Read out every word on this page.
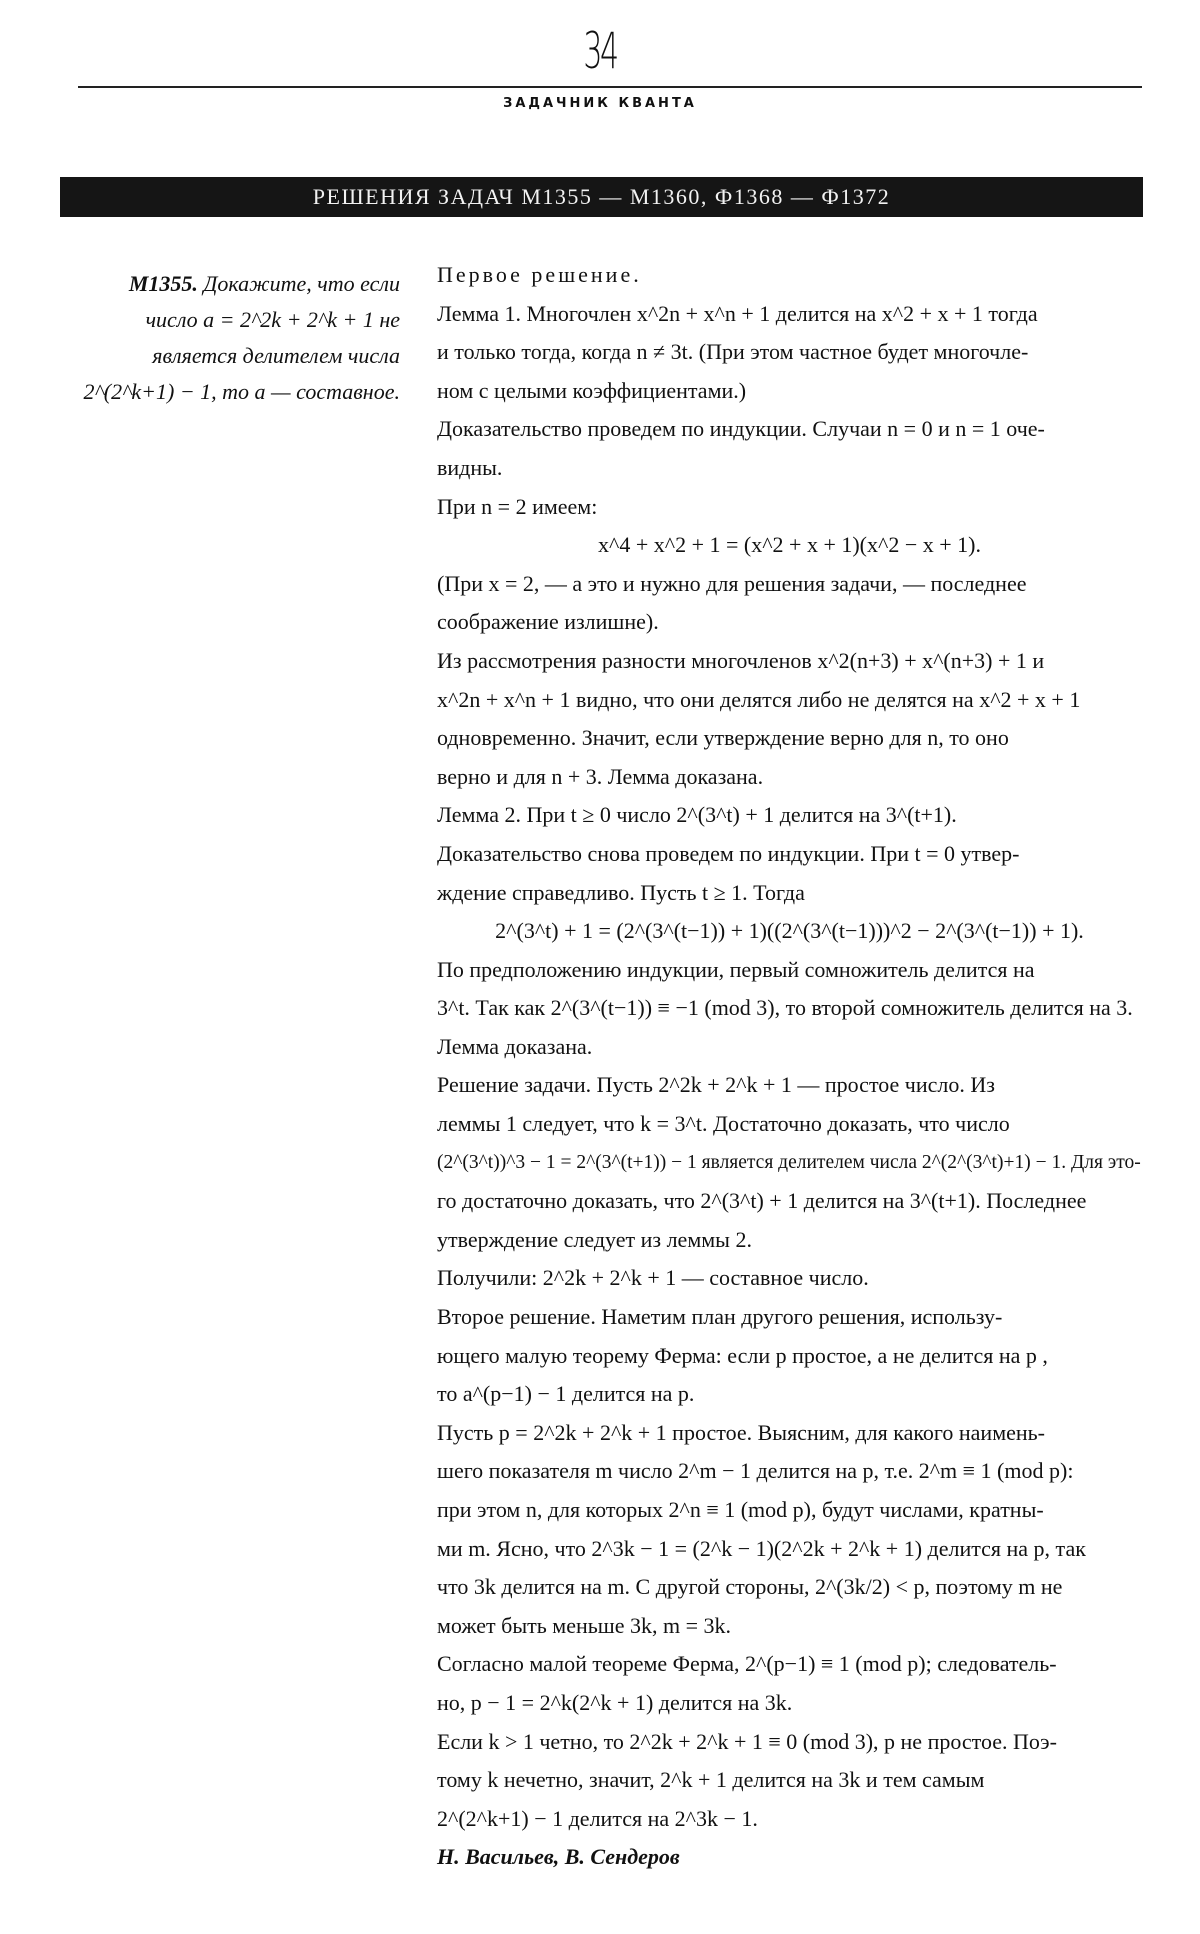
34
ЗАДАЧНИК КВАНТА
РЕШЕНИЯ ЗАДАЧ М1355 — М1360, Ф1368 — Ф1372
М1355. Докажите, что если
число a = 2^2k + 2^k + 1 не
является делителем числа
2^(2^k+1) − 1, то a — составное.
Первое решение.
Лемма 1. Многочлен x^2n + x^n + 1 делится на x^2 + x + 1 тогда
и только тогда, когда n ≠ 3t. (При этом частное будет многочле-
ном с целыми коэффициентами.)
Доказательство проведем по индукции. Случаи n = 0 и n = 1 оче-
видны.
При n = 2 имеем:
x^4 + x^2 + 1 = (x^2 + x + 1)(x^2 − x + 1).
(При x = 2, — а это и нужно для решения задачи, — последнее
соображение излишне).
Из рассмотрения разности многочленов x^2(n+3) + x^(n+3) + 1 и
x^2n + x^n + 1 видно, что они делятся либо не делятся на x^2 + x + 1
одновременно. Значит, если утверждение верно для n, то оно
верно и для n + 3. Лемма доказана.
Лемма 2. При t ≥ 0 число 2^(3^t) + 1 делится на 3^(t+1).
Доказательство снова проведем по индукции. При t = 0 утвер-
ждение справедливо. Пусть t ≥ 1. Тогда
2^(3^t) + 1 = (2^(3^(t−1)) + 1)((2^(3^(t−1)))^2 − 2^(3^(t−1)) + 1).
По предположению индукции, первый сомножитель делится на
3^t. Так как 2^(3^(t−1)) ≡ −1 (mod 3), то второй сомножитель делится на 3.
Лемма доказана.
Решение задачи. Пусть 2^2k + 2^k + 1 — простое число. Из
леммы 1 следует, что k = 3^t. Достаточно доказать, что число
(2^(3^t))^3 − 1 = 2^(3^(t+1)) − 1 является делителем числа 2^(2^(3^t)+1) − 1. Для это-
го достаточно доказать, что 2^(3^t) + 1 делится на 3^(t+1). Последнее
утверждение следует из леммы 2.
Получили: 2^2k + 2^k + 1 — составное число.
Второе решение. Наметим план другого решения, использу-
ющего малую теорему Ферма: если p простое, a не делится на p ,
то a^(p−1) − 1 делится на p.
Пусть p = 2^2k + 2^k + 1 простое. Выясним, для какого наимень-
шего показателя m число 2^m − 1 делится на p, т.е. 2^m ≡ 1 (mod p):
при этом n, для которых 2^n ≡ 1 (mod p), будут числами, кратны-
ми m. Ясно, что 2^3k − 1 = (2^k − 1)(2^2k + 2^k + 1) делится на p, так
что 3k делится на m. С другой стороны, 2^(3k/2) < p, поэтому m не
может быть меньше 3k, m = 3k.
Согласно малой теореме Ферма, 2^(p−1) ≡ 1 (mod p); следователь-
но, p − 1 = 2^k(2^k + 1) делится на 3k.
Если k > 1 четно, то 2^2k + 2^k + 1 ≡ 0 (mod 3), p не простое. Поэ-
тому k нечетно, значит, 2^k + 1 делится на 3k и тем самым
2^(2^k+1) − 1 делится на 2^3k − 1.
Н. Васильев, В. Сендеров
